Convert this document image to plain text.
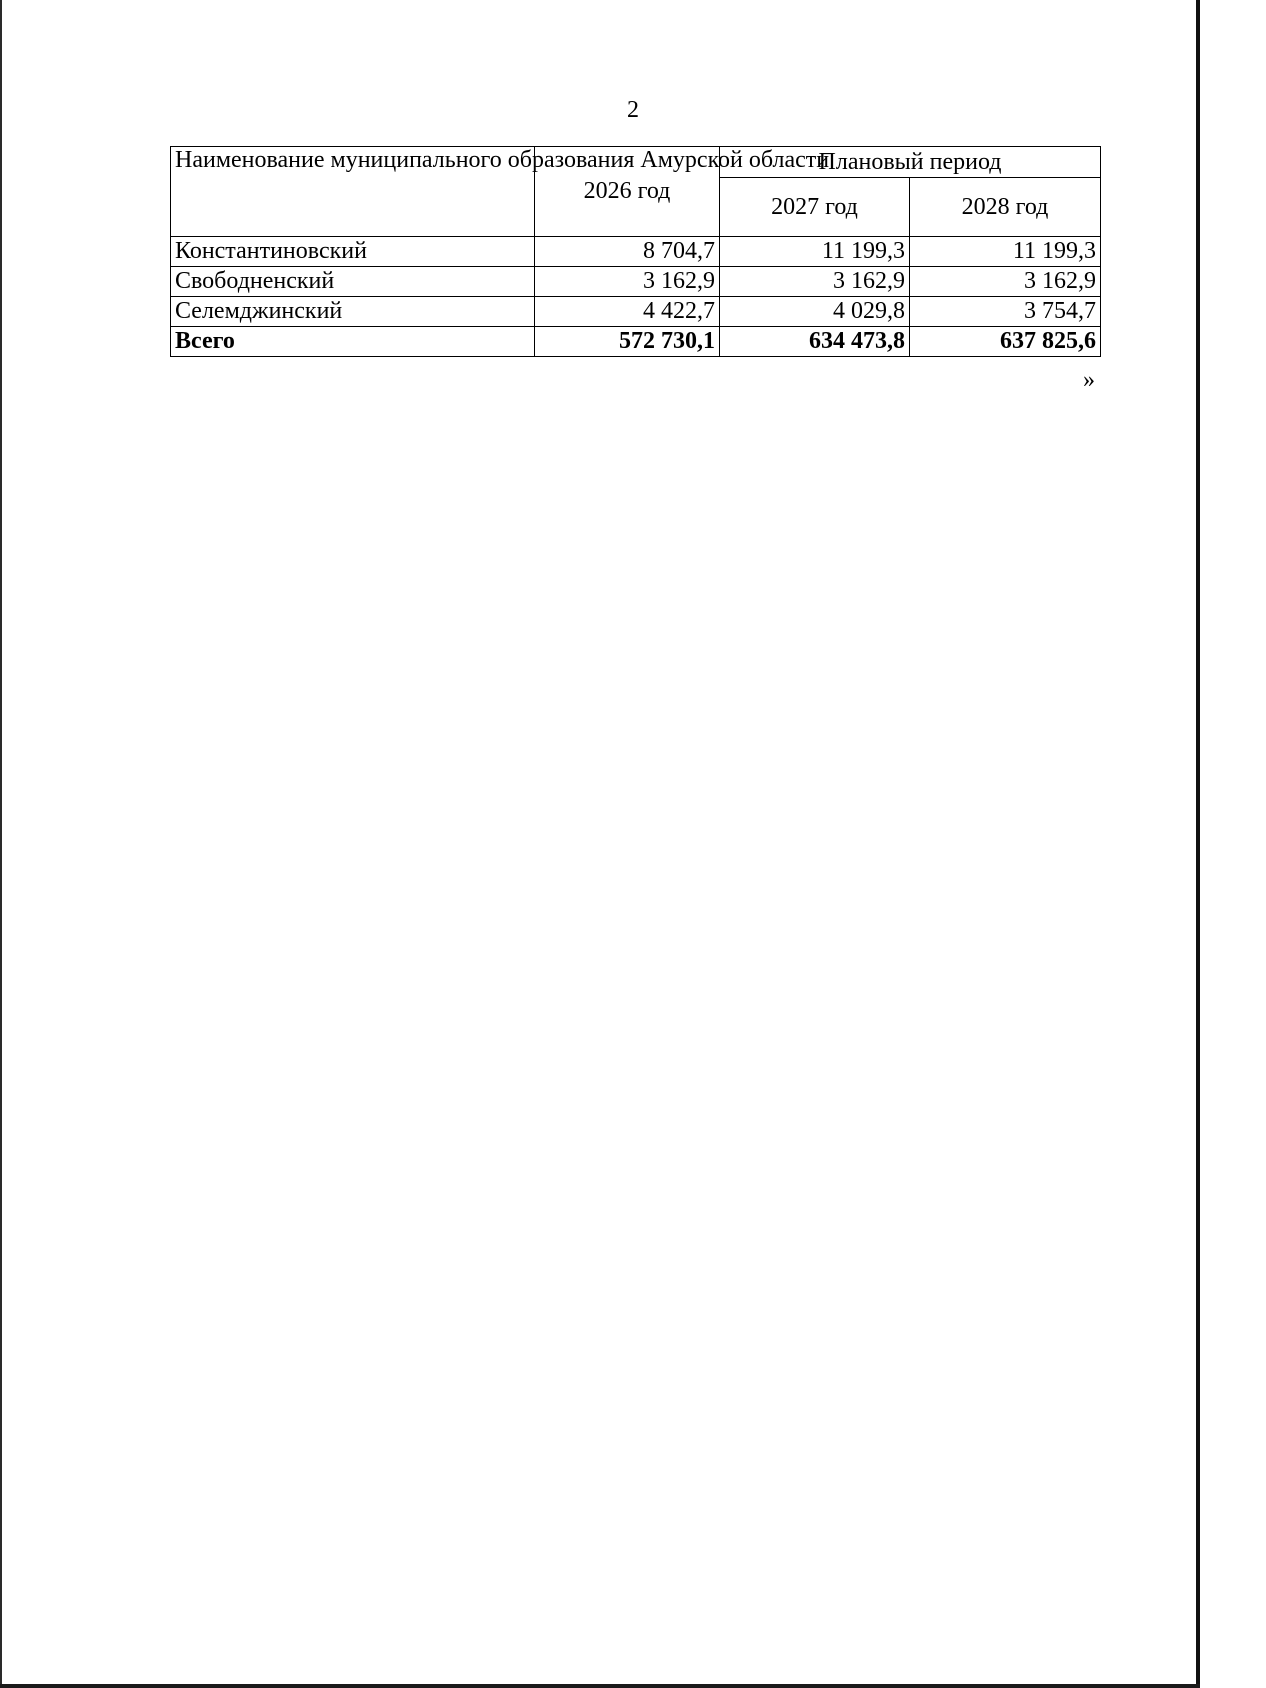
2
Наименование муниципального образования Амурской области	2026 год	Плановый период	
		2027 год	2028 год
Константиновский	8 704,7	11 199,3	11 199,3
Свободненский	3 162,9	3 162,9	3 162,9
Селемджинский	4 422,7	4 029,8	3 754,7
Всего	572 730,1	634 473,8	637 825,6
»
